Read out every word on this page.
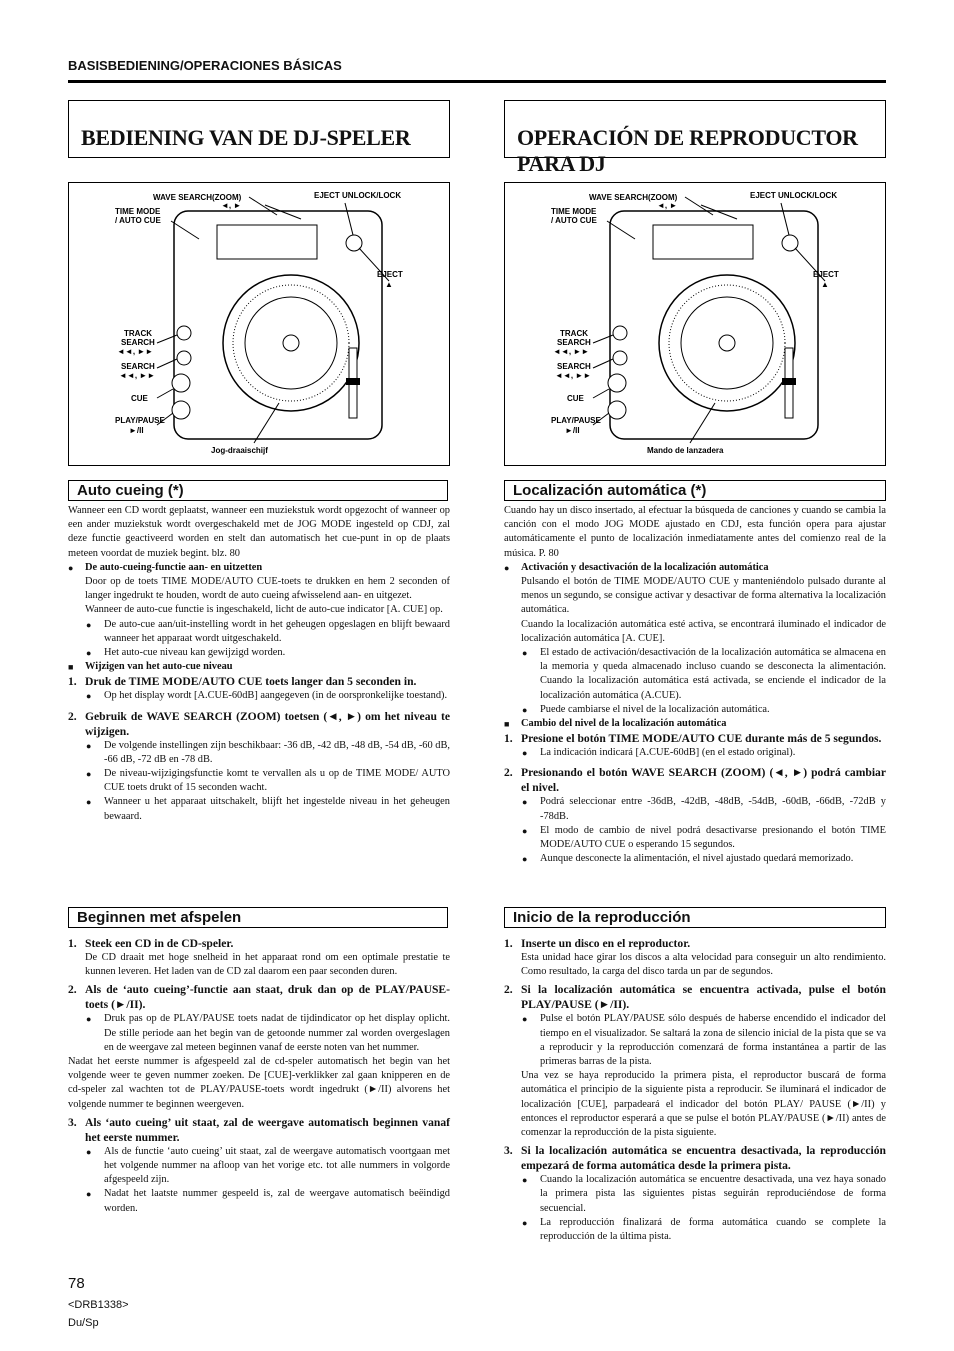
BASISBEDIENING/OPERACIONES BÁSICAS
BEDIENING VAN DE DJ-SPELER	OPERACIÓN DE REPRODUCTOR PARA DJ
WAVE SEARCH(ZOOM)
◄, ►
EJECT UNLOCK/LOCK
TIME MODE
/ AUTO CUE
EJECT
▲
TRACK
SEARCH
◄◄, ►►
SEARCH
◄◄, ►►
CUE
PLAY/PAUSE
►/II
Jog-draaischijf
WAVE SEARCH(ZOOM)
◄, ►
EJECT UNLOCK/LOCK
TIME MODE
/ AUTO CUE
EJECT
▲
TRACK
SEARCH
◄◄, ►►
SEARCH
◄◄, ►►
CUE
PLAY/PAUSE
►/II
Mando de lanzadera
Auto cueing (*)	Localización automática (*)

Wanneer een CD wordt geplaatst, wanneer een muziekstuk wordt opgezocht of wanneer op een ander muziekstuk wordt overgeschakeld met de JOG MODE ingesteld op CDJ, zal deze functie geactiveerd worden en stelt dan automatisch het cue-punt in op de plaats meteen voordat de muziek begint. blz. 80

● De auto-cueing-functie aan- en uitzetten

Door op de toets TIME MODE/AUTO CUE-toets te drukken en hem 2 seconden of langer ingedrukt te houden, wordt de auto cueing afwisselend aan- en uitgezet.

Wanneer de auto-cue functie is ingeschakeld, licht de auto-cue indicator [A. CUE] op.

● De auto-cue aan/uit-instelling wordt in het geheugen opgeslagen en blijft bewaard wanneer het apparaat wordt uitgeschakeld.

● Het auto-cue niveau kan gewijzigd worden.

■ Wijzigen van het auto-cue niveau

1. Druk de TIME MODE/AUTO CUE toets langer dan 5 seconden in.

● Op het display wordt [A.CUE-60dB] aangegeven (in de oorspronkelijke toestand).

2. Gebruik de WAVE SEARCH (ZOOM) toetsen (◄, ►) om het niveau te wijzigen.

● De volgende instellingen zijn beschikbaar: -36 dB, -42 dB, -48 dB, -54 dB, -60 dB, -66 dB, -72 dB en -78 dB.

● De niveau-wijzigingsfunctie komt te vervallen als u op de TIME MODE/ AUTO CUE toets drukt of 15 seconden wacht.

● Wanneer u het apparaat uitschakelt, blijft het ingestelde niveau in het geheugen bewaard.

Cuando hay un disco insertado, al efectuar la búsqueda de canciones y cuando se cambia la canción con el modo JOG MODE ajustado en CDJ, esta función opera para ajustar automáticamente el punto de localización inmediatamente antes del comienzo real de la música. P. 80

● Activación y desactivación de la localización automática

Pulsando el botón de TIME MODE/AUTO CUE y manteniéndolo pulsado durante al menos un segundo, se consigue activar y desactivar de forma alternativa la localización automática.

Cuando la localización automática esté activa, se encontrará iluminado el indicador de localización automática [A. CUE].

● El estado de activación/desactivación de la localización automática se almacena en la memoria y queda almacenado incluso cuando se desconecta la alimentación. Cuando la localización automática está activada, se enciende el indicador de la localización automática (A.CUE).

● Puede cambiarse el nivel de la localización automática.

■ Cambio del nivel de la localización automática

1. Presione el botón TIME MODE/AUTO CUE durante más de 5 segundos.

● La indicación indicará [A.CUE-60dB] (en el estado original).

2. Presionando el botón WAVE SEARCH (ZOOM) (◄, ►) podrá cambiar el nivel.

● Podrá seleccionar entre -36dB, -42dB, -48dB, -54dB, -60dB, -66dB, -72dB y -78dB.

● El modo de cambio de nivel podrá desactivarse presionando el botón TIME MODE/AUTO CUE o esperando 15 segundos.

● Aunque desconecte la alimentación, el nivel ajustado quedará memorizado.

Beginnen met afspelen	Inicio de la reproducción

1. Steek een CD in de CD-speler.

De CD draait met hoge snelheid in het apparaat rond om een optimale prestatie te kunnen leveren. Het laden van de CD zal daarom een paar seconden duren.

2. Als de ‘auto cueing’-functie aan staat, druk dan op de PLAY/PAUSE-toets (►/II).

● Druk pas op de PLAY/PAUSE toets nadat de tijdindicator op het display oplicht. De stille periode aan het begin van de getoonde nummer zal worden overgeslagen en de weergave zal meteen beginnen vanaf de eerste noten van het nummer.

Nadat het eerste nummer is afgespeeld zal de cd-speler automatisch het begin van het volgende weer te geven nummer zoeken. De [CUE]-verklikker zal gaan knipperen en de cd-speler zal wachten tot de PLAY/PAUSE-toets wordt ingedrukt (►/II) alvorens het volgende nummer te beginnen weergeven.

3. Als ‘auto cueing’ uit staat, zal de weergave automatisch beginnen vanaf het eerste nummer.

● Als de functie ‘auto cueing’ uit staat, zal de weergave automatisch voortgaan met het volgende nummer na afloop van het vorige etc. tot alle nummers in volgorde afgespeeld zijn.

● Nadat het laatste nummer gespeeld is, zal de weergave automatisch beëindigd worden.

1. Inserte un disco en el reproductor.

Esta unidad hace girar los discos a alta velocidad para conseguir un alto rendimiento. Como resultado, la carga del disco tarda un par de segundos.

2. Si la localización automática se encuentra activada, pulse el botón PLAY/PAUSE (►/II).

● Pulse el botón PLAY/PAUSE sólo después de haberse encendido el indicador del tiempo en el visualizador. Se saltará la zona de silencio inicial de la pista que se va a reproducir y la reproducción comenzará de forma instantánea a partir de las primeras barras de la pista.

Una vez se haya reproducido la primera pista, el reproductor buscará de forma automática el principio de la siguiente pista a reproducir. Se iluminará el indicador de localización [CUE], parpadeará el indicador del botón PLAY/ PAUSE (►/II) y entonces el reproductor esperará a que se pulse el botón PLAY/PAUSE (►/II) antes de comenzar la reproducción de la pista siguiente.

3. Si la localización automática se encuentra desactivada, la reproducción empezará de forma automática desde la primera pista.

● Cuando la localización automática se encuentre desactivada, una vez haya sonado la primera pista las siguientes pistas seguirán reproduciéndose de forma secuencial.

● La reproducción finalizará de forma automática cuando se complete la reproducción de la última pista.

78
<DRB1338>
Du/Sp
